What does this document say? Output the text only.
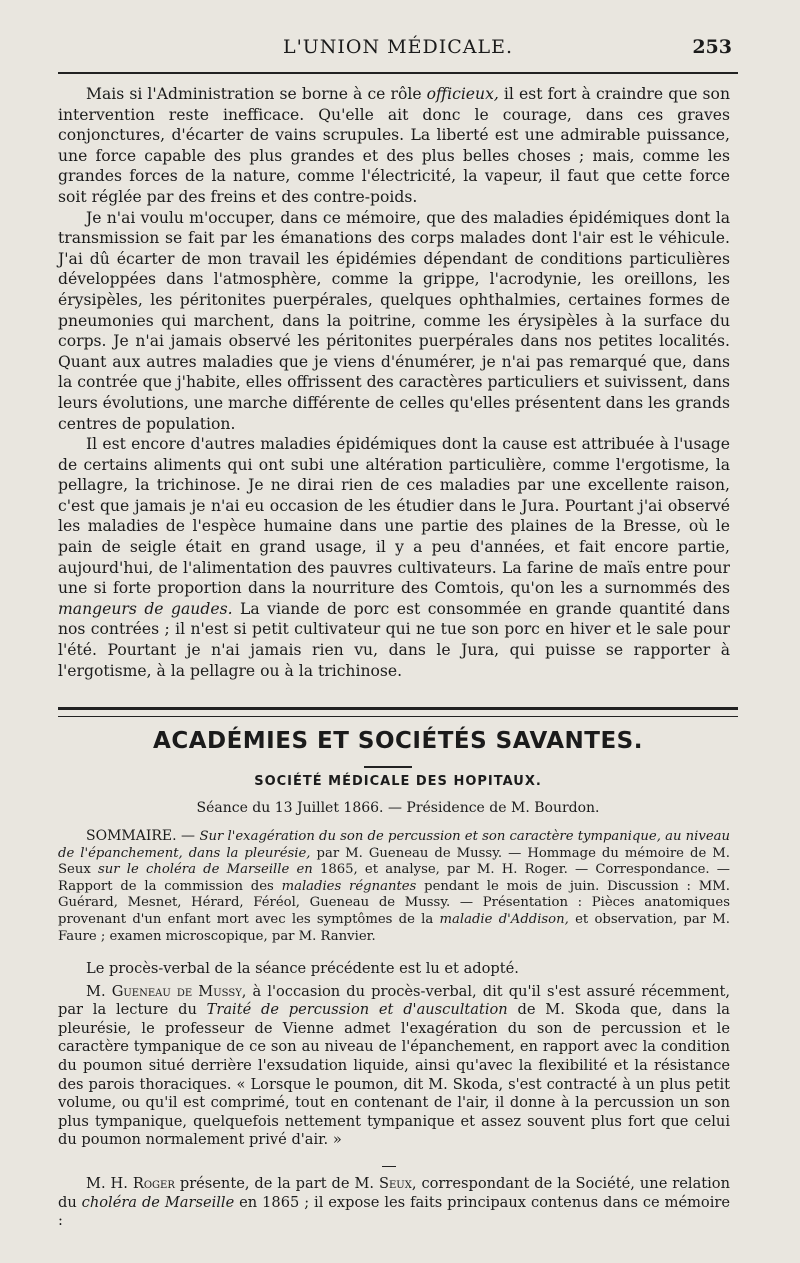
L'UNION MÉDICALE.	253

Mais si l'Administration se borne à ce rôle officieux, il est fort à craindre que son intervention reste inefficace. Qu'elle ait donc le courage, dans ces graves conjonctures, d'écarter de vains scrupules. La liberté est une admirable puissance, une force capable des plus grandes et des plus belles choses ; mais, comme les grandes forces de la nature, comme l'électricité, la vapeur, il faut que cette force soit réglée par des freins et des contre-poids.

Je n'ai voulu m'occuper, dans ce mémoire, que des maladies épidémiques dont la transmission se fait par les émanations des corps malades dont l'air est le véhicule. J'ai dû écarter de mon travail les épidémies dépendant de conditions particulières développées dans l'atmosphère, comme la grippe, l'acrodynie, les oreillons, les érysipèles, les péritonites puerpérales, quelques ophthalmies, certaines formes de pneumonies qui marchent, dans la poitrine, comme les érysipèles à la surface du corps. Je n'ai jamais observé les péritonites puerpérales dans nos petites localités. Quant aux autres maladies que je viens d'énumérer, je n'ai pas remarqué que, dans la contrée que j'habite, elles offrissent des caractères particuliers et suivissent, dans leurs évolutions, une marche différente de celles qu'elles présentent dans les grands centres de population.

Il est encore d'autres maladies épidémiques dont la cause est attribuée à l'usage de certains aliments qui ont subi une altération particulière, comme l'ergotisme, la pellagre, la trichinose. Je ne dirai rien de ces maladies par une excellente raison, c'est que jamais je n'ai eu occasion de les étudier dans le Jura. Pourtant j'ai observé les maladies de l'espèce humaine dans une partie des plaines de la Bresse, où le pain de seigle était en grand usage, il y a peu d'années, et fait encore partie, aujourd'hui, de l'alimentation des pauvres cultivateurs. La farine de maïs entre pour une si forte proportion dans la nourriture des Comtois, qu'on les a surnommés des mangeurs de gaudes. La viande de porc est consommée en grande quantité dans nos contrées ; il n'est si petit cultivateur qui ne tue son porc en hiver et le sale pour l'été. Pourtant je n'ai jamais rien vu, dans le Jura, qui puisse se rapporter à l'ergotisme, à la pellagre ou à la trichinose.

ACADÉMIES ET SOCIÉTÉS SAVANTES.
SOCIÉTÉ MÉDICALE DES HOPITAUX.
Séance du 13 Juillet 1866. — Présidence de M. Bourdon.

SOMMAIRE. — Sur l'exagération du son de percussion et son caractère tympanique, au niveau de l'épanchement, dans la pleurésie, par M. Gueneau de Mussy. — Hommage du mémoire de M. Seux sur le choléra de Marseille en 1865, et analyse, par M. H. Roger. — Correspondance. — Rapport de la commission des maladies régnantes pendant le mois de juin. Discussion : MM. Guérard, Mesnet, Hérard, Féréol, Gueneau de Mussy. — Présentation : Pièces anatomiques provenant d'un enfant mort avec les symptômes de la maladie d'Addison, et observation, par M. Faure ; examen microscopique, par M. Ranvier.

Le procès-verbal de la séance précédente est lu et adopté.

M. Gueneau de Mussy, à l'occasion du procès-verbal, dit qu'il s'est assuré récemment, par la lecture du Traité de percussion et d'auscultation de M. Skoda que, dans la pleurésie, le professeur de Vienne admet l'exagération du son de percussion et le caractère tympanique de ce son au niveau de l'épanchement, en rapport avec la condition du poumon situé derrière l'exsudation liquide, ainsi qu'avec la flexibilité et la résistance des parois thoraciques. « Lorsque le poumon, dit M. Skoda, s'est contracté à un plus petit volume, ou qu'il est comprimé, tout en contenant de l'air, il donne à la percussion un son plus tympanique, quelquefois nettement tympanique et assez souvent plus fort que celui du poumon normalement privé d'air. »

M. H. Roger présente, de la part de M. Seux, correspondant de la Société, une relation du choléra de Marseille en 1865 ; il expose les faits principaux contenus dans ce mémoire :
